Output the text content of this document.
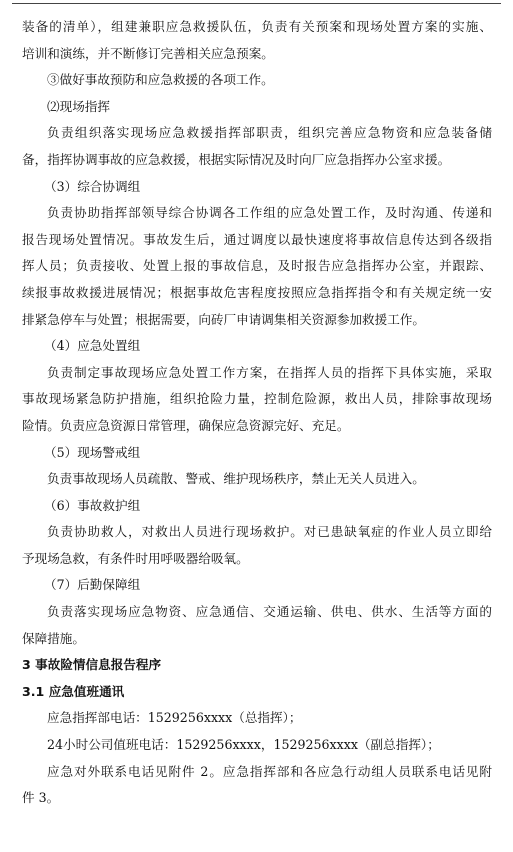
装备的清单），组建兼职应急救援队伍，负责有关预案和现场处置方案的实施、
培训和演练，并不断修订完善相关应急预案。
③做好事故预防和应急救援的各项工作。
⑵现场指挥
负责组织落实现场应急救援指挥部职责，组织完善应急物资和应急装备储
备，指挥协调事故的应急救援，根据实际情况及时向厂应急指挥办公室求援。
（3）综合协调组
负责协助指挥部领导综合协调各工作组的应急处置工作，及时沟通、传递和
报告现场处置情况。事故发生后，通过调度以最快速度将事故信息传达到各级指
挥人员；负责接收、处置上报的事故信息，及时报告应急指挥办公室，并跟踪、
续报事故救援进展情况；根据事故危害程度按照应急指挥指令和有关规定统一安
排紧急停车与处置；根据需要，向砖厂申请调集相关资源参加救援工作。
（4）应急处置组
负责制定事故现场应急处置工作方案，在指挥人员的指挥下具体实施，采取
事故现场紧急防护措施，组织抢险力量，控制危险源，救出人员，排除事故现场
险情。负责应急资源日常管理，确保应急资源完好、充足。
（5）现场警戒组
负责事故现场人员疏散、警戒、维护现场秩序，禁止无关人员进入。
（6）事故救护组
负责协助救人，对救出人员进行现场救护。对已患缺氧症的作业人员立即给
予现场急救，有条件时用呼吸器给吸氧。
（7）后勤保障组
负责落实现场应急物资、应急通信、交通运输、供电、供水、生活等方面的
保障措施。
3 事故险情信息报告程序
3.1 应急值班通讯
应急指挥部电话：1529256xxxx（总指挥）；
24小时公司值班电话：1529256xxxx，1529256xxxx（副总指挥）；
应急对外联系电话见附件 2。应急指挥部和各应急行动组人员联系电话见附
件 3。
